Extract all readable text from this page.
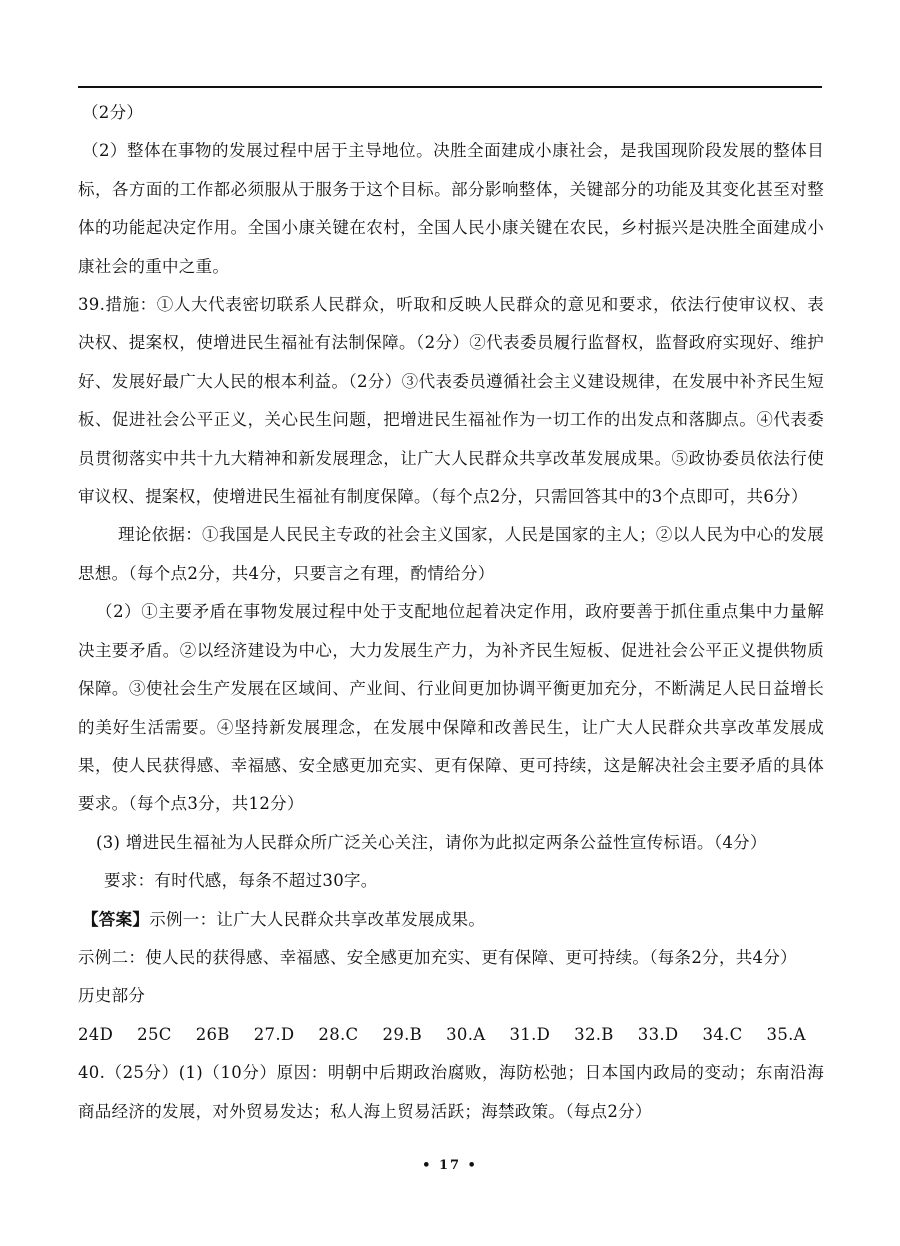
（2分）

（2）整体在事物的发展过程中居于主导地位。决胜全面建成小康社会，是我国现阶段发展的整体目标，各方面的工作都必须服从于服务于这个目标。部分影响整体，关键部分的功能及其变化甚至对整体的功能起决定作用。全国小康关键在农村，全国人民小康关键在农民，乡村振兴是决胜全面建成小康社会的重中之重。

39.措施：①人大代表密切联系人民群众，听取和反映人民群众的意见和要求，依法行使审议权、表决权、提案权，使增进民生福祉有法制保障。（2分）②代表委员履行监督权，监督政府实现好、维护好、发展好最广大人民的根本利益。（2分）③代表委员遵循社会主义建设规律，在发展中补齐民生短板、促进社会公平正义，关心民生问题，把增进民生福祉作为一切工作的出发点和落脚点。④代表委员贯彻落实中共十九大精神和新发展理念，让广大人民群众共享改革发展成果。⑤政协委员依法行使审议权、提案权，使增进民生福祉有制度保障。（每个点2分，只需回答其中的3个点即可，共6分）

理论依据：①我国是人民民主专政的社会主义国家，人民是国家的主人；②以人民为中心的发展思想。（每个点2分，共4分，只要言之有理，酌情给分）

（2）①主要矛盾在事物发展过程中处于支配地位起着决定作用，政府要善于抓住重点集中力量解决主要矛盾。②以经济建设为中心，大力发展生产力，为补齐民生短板、促进社会公平正义提供物质保障。③使社会生产发展在区域间、产业间、行业间更加协调平衡更加充分，不断满足人民日益增长的美好生活需要。④坚持新发展理念，在发展中保障和改善民生，让广大人民群众共享改革发展成果，使人民获得感、幸福感、安全感更加充实、更有保障、更可持续，这是解决社会主要矛盾的具体要求。（每个点3分，共12分）

(3) 增进民生福祉为人民群众所广泛关心关注，请你为此拟定两条公益性宣传标语。（4分）

要求：有时代感，每条不超过30字。

【答案】示例一：让广大人民群众共享改革发展成果。

示例二：使人民的获得感、幸福感、安全感更加充实、更有保障、更可持续。（每条2分，共4分）

历史部分

24D 25C 26B 27.D 28.C 29.B 30.A 31.D 32.B 33.D 34.C 35.A

40.（25分）(1)（10分）原因：明朝中后期政治腐败，海防松弛；日本国内政局的变动；东南沿海商品经济的发展，对外贸易发达；私人海上贸易活跃；海禁政策。（每点2分）

• 17 •
